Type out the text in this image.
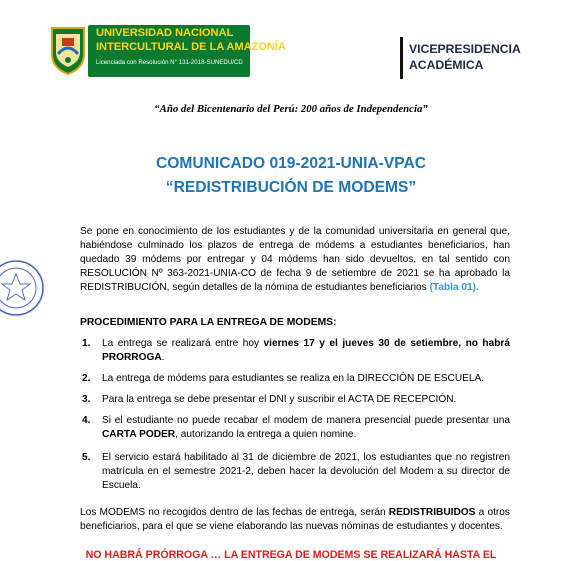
UNIVERSIDAD NACIONAL
INTERCULTURAL DE LA AMAZONÍA
Licenciada con Resolución N° 131-2018-SUNEDU/CD
VICEPRESIDENCIA
ACADÉMICA
“Año del Bicentenario del Perú: 200 años de Independencia”
COMUNICADO 019-2021-UNIA-VPAC
“REDISTRIBUCIÓN DE MODEMS”
Se pone en conocimiento de los estudiantes y de la comunidad universitaria en general que, habiéndose culminado los plazos de entrega de módems a estudiantes beneficiarios, han quedado 39 módems por entregar y 04 módems han sido devueltos, en tal sentido con RESOLUCIÓN Nº 363-2021-UNIA-CO de fecha 9 de setiembre de 2021 se ha aprobado la REDISTRIBUCIÓN, según detalles de la nómina de estudiantes beneficiarios (Tabla 01).
PROCEDIMIENTO PARA LA ENTREGA DE MODEMS:
1. La entrega se realizará entre hoy viernes 17 y el jueves 30 de setiembre, no habrá PRORROGA.
2. La entrega de módems para estudiantes se realiza en la DIRECCIÓN DE ESCUELA.
3. Para la entrega se debe presentar el DNI y suscribir el ACTA DE RECEPCIÓN.
4. Si el estudiante no puede recabar el modem de manera presencial puede presentar una CARTA PODER, autorizando la entrega a quien nomine.
5. El servicio estará habilitado al 31 de diciembre de 2021, los estudiantes que no registren matrícula en el semestre 2021-2, deben hacer la devolución del Modem a su director de Escuela.
Los MODEMS no recogidos dentro de las fechas de entrega, serán REDISTRIBUIDOS a otros beneficiarios, para el que se viene elaborando las nuevas nóminas de estudiantes y docentes.
NO HABRÁ PRÓRROGA … LA ENTREGA DE MODEMS SE REALIZARÁ HASTA EL
